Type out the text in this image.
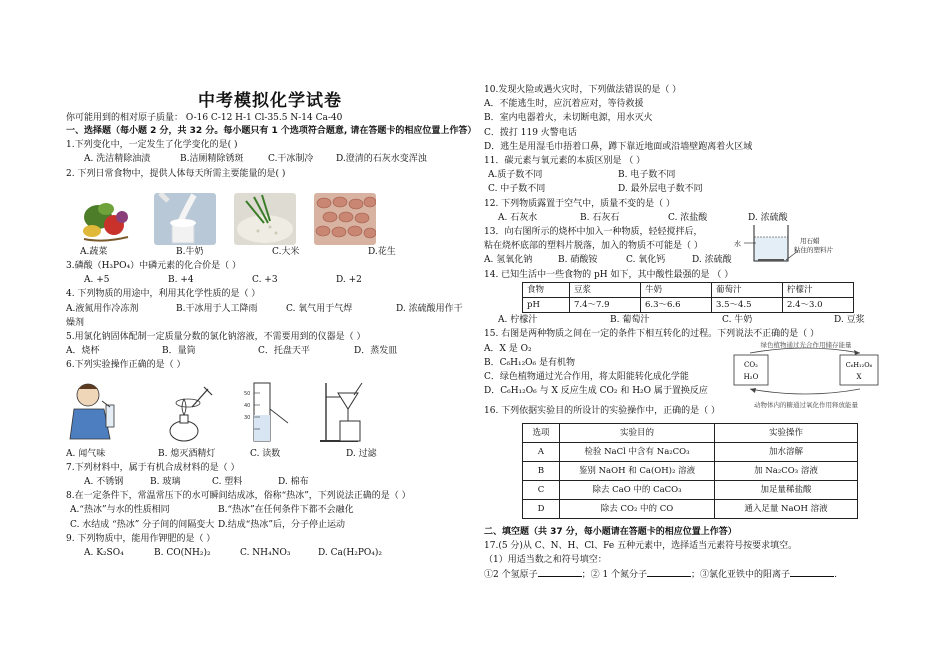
中考模拟化学试卷
你可能用到的相对原子质量： O-16 C-12 H-1 Cl-35.5 N-14 Ca-40
一、选择题（每小题 2 分，共 32 分。每小题只有 1 个选项符合题意, 请在答题卡的相应位置上作答）
1.下列变化中，一定发生了化学变化的是( )
A. 洗洁精除油渍	B.洁厕精除锈斑	C.干冰制冷	D.澄清的石灰水变浑浊
2. 下列日常食物中，提供人体每天所需主要能量的是( )
A.蔬菜	B.牛奶	C.大米	D.花生
3.磷酸（H₃PO₄）中磷元素的化合价是（ ）
A. +5	B. +4	C. +3	D. +2
4. 下列物质的用途中，利用其化学性质的是（ ）
A.液氮用作冷冻剂	B.干冰用于人工降雨	C. 氧气用于气焊	D. 浓硫酸用作干
燥剂
5.用氯化钠固体配制一定质量分数的氯化钠溶液，不需要用到的仪器是（ ）
A．烧杯	B．量筒	C．托盘天平	D．蒸发皿
6.下列实验操作正确的是（ ）
50
40
30
A. 闻气味	B. 熄灭酒精灯	C. 读数	D. 过滤
7.下列材料中，属于有机合成材料的是（ ）
A. 不锈钢	B. 玻璃	C. 塑料	D. 棉布
8.在一定条件下，常温常压下的水可瞬间结成冰，俗称“热冰”，下列说法正确的是（ ）
A.“热冰”与水的性质相同	B.“热冰”在任何条件下都不会融化
C. 水结成 “热冰” 分子间的间隔变大 D.结成“热冰”后，分子停止运动
9. 下列物质中，能用作钾肥的是（ ）
A. K₂SO₄	B. CO(NH₂)₂	C. NH₄NO₃	D. Ca(H₂PO₄)₂
10.发现火险或遇火灾时，下列做法错误的是（ ）
A．不能逃生时，应沉着应对，等待救援
B．室内电器着火，未切断电源，用水灭火
C．拨打 119 火警电话
D．逃生是用湿毛巾捂着口鼻，蹲下靠近地面或沿墙壁跑离着火区域
11．碳元素与氧元素的本质区别是 （ ）
A.质子数不同	B. 电子数不同
C. 中子数不同	D. 最外层电子数不同
12. 下列物质露置于空气中，质量不变的是（ ）
A. 石灰水	B. 石灰石	C. 浓盐酸	D. 浓硫酸
13．向右图所示的烧杯中加入一种物质，轻轻搅拌后，
粘在烧杯底部的塑料片脱落，加入的物质不可能是（ ）
A. 氢氧化钠	B. 硝酸铵	C. 氧化钙	D. 浓硫酸
水	用石蜡
粘住的塑料片
14. 已知生活中一些食物的 pH 如下，其中酸性最强的是 （ ）
食物	豆浆	牛奶	葡萄汁	柠檬汁
pH	7.4～7.9	6.3～6.6	3.5～4.5	2.4～3.0
A. 柠檬汁	B. 葡萄汁	C. 牛奶	D. 豆浆
15. 右图是两种物质之间在一定的条件下相互转化的过程。下列说法不正确的是（ ）
A．X 是 O₂
B．C₆H₁₂O₆ 是有机物
C．绿色植物通过光合作用，将太阳能转化成化学能
D．C₆H₁₂O₆ 与 X 反应生成 CO₂ 和 H₂O 属于置换反应
绿色植物通过光合作用储存能量
CO₂
H₂O
C₆H₁₂O₆
X
动物体内的糖通过氧化作用释放能量
16. 下列依据实验目的所设计的实验操作中，正确的是（ ）
选项	实验目的	实验操作
A	检验 NaCl 中含有 Na₂CO₃	加水溶解
B	鉴别 NaOH 和 Ca(OH)₂ 溶液	加 Na₂CO₃ 溶液
C	除去 CaO 中的 CaCO₃	加足量稀盐酸
D	除去 CO₂ 中的 CO	通入足量 NaOH 溶液
二、填空题（共 37 分，每小题请在答题卡的相应位置上作答）
17.(5 分)从 C、N、H、Cl、Fe 五种元素中，选择适当元素符号按要求填空。
（1）用适当数之和符号填空：
①2 个氢原子	；② 1 个氮分子	；③氯化亚铁中的阳离子	.
